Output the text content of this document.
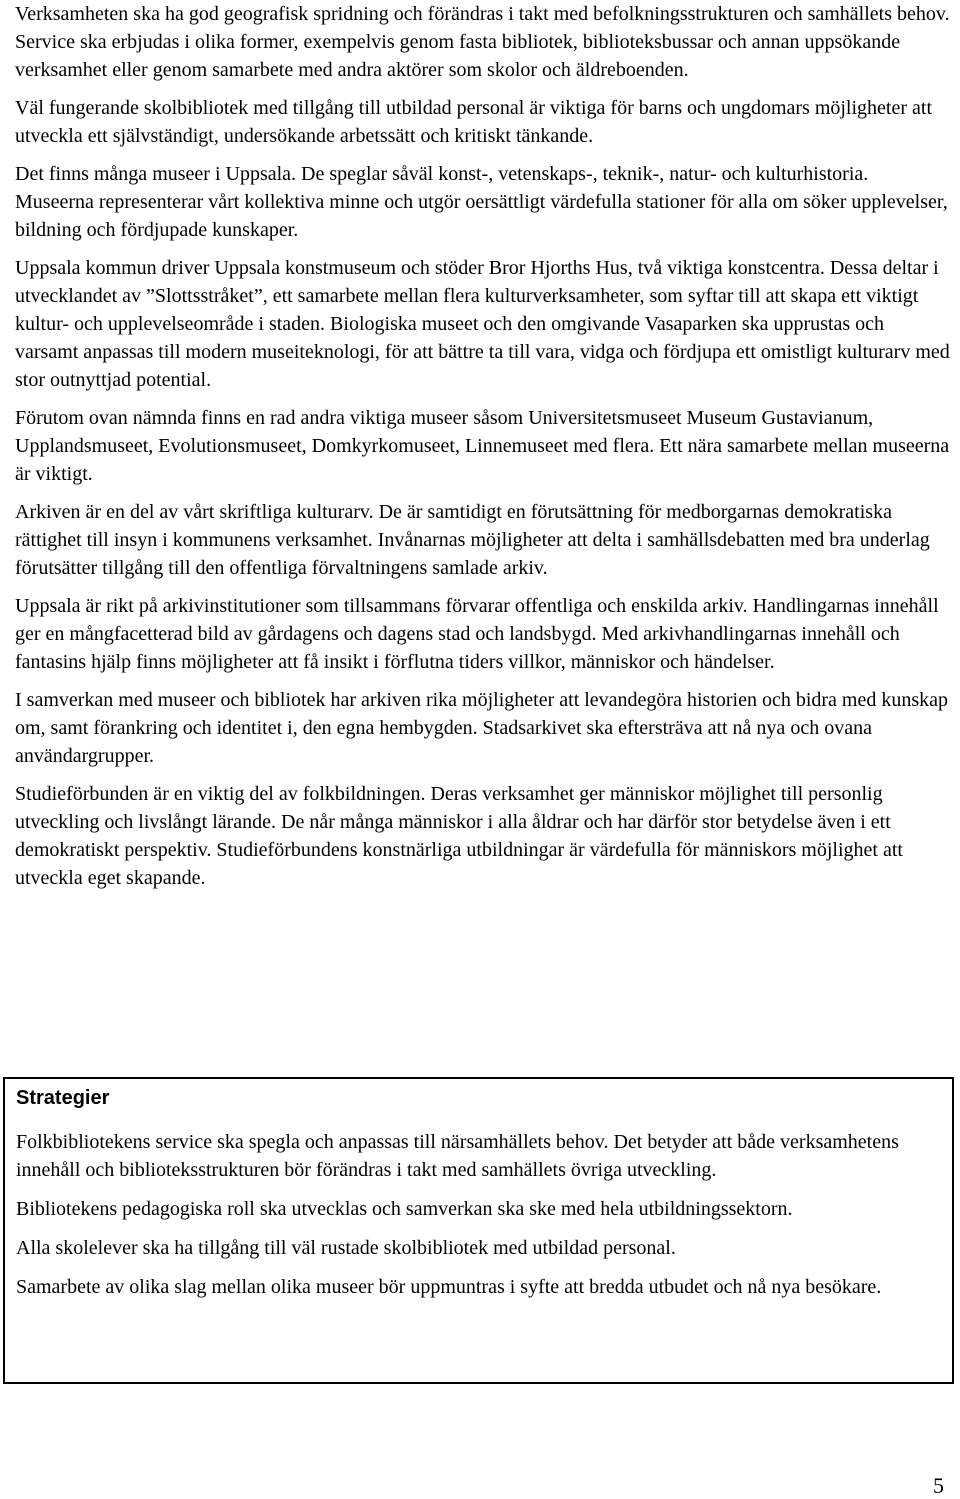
Verksamheten ska ha god geografisk spridning och förändras i takt med befolkningsstrukturen och samhällets behov. Service ska erbjudas i olika former, exempelvis genom fasta bibliotek, biblioteksbussar och annan uppsökande verksamhet eller genom samarbete med andra aktörer som skolor och äldreboenden.

Väl fungerande skolbibliotek med tillgång till utbildad personal är viktiga för barns och ungdomars möjligheter att utveckla ett självständigt, undersökande arbetssätt och kritiskt tänkande.

Det finns många museer i Uppsala. De speglar såväl konst-, vetenskaps-, teknik-, natur- och kulturhistoria. Museerna representerar vårt kollektiva minne och utgör oersättligt värdefulla stationer för alla om söker upplevelser, bildning och fördjupade kunskaper.

Uppsala kommun driver Uppsala konstmuseum och stöder Bror Hjorths Hus, två viktiga konstcentra. Dessa deltar i utvecklandet av ”Slottsstråket”, ett samarbete mellan flera kulturverksamheter, som syftar till att skapa ett viktigt kultur- och upplevelseområde i staden. Biologiska museet och den omgivande Vasaparken ska upprustas och varsamt anpassas till modern museiteknologi, för att bättre ta till vara, vidga och fördjupa ett omistligt kulturarv med stor outnyttjad potential.

Förutom ovan nämnda finns en rad andra viktiga museer såsom Universitetsmuseet Museum Gustavianum, Upplandsmuseet, Evolutionsmuseet, Domkyrkomuseet, Linnemuseet med flera. Ett nära samarbete mellan museerna är viktigt.

Arkiven är en del av vårt skriftliga kulturarv. De är samtidigt en förutsättning för medborgarnas demokratiska rättighet till insyn i kommunens verksamhet. Invånarnas möjligheter att delta i samhällsdebatten med bra underlag förutsätter tillgång till den offentliga förvaltningens samlade arkiv.

Uppsala är rikt på arkivinstitutioner som tillsammans förvarar offentliga och enskilda arkiv. Handlingarnas innehåll ger en mångfacetterad bild av gårdagens och dagens stad och landsbygd. Med arkivhandlingarnas innehåll och fantasins hjälp finns möjligheter att få insikt i förflutna tiders villkor, människor och händelser.

I samverkan med museer och bibliotek har arkiven rika möjligheter att levandegöra historien och bidra med kunskap om, samt förankring och identitet i, den egna hembygden. Stadsarkivet ska eftersträva att nå nya och ovana användargrupper.

Studieförbunden är en viktig del av folkbildningen. Deras verksamhet ger människor möjlighet till personlig utveckling och livslångt lärande. De når många människor i alla åldrar och har därför stor betydelse även i ett demokratiskt perspektiv. Studieförbundens konstnärliga utbildningar är värdefulla för människors möjlighet att utveckla eget skapande.

Strategier

Folkbibliotekens service ska spegla och anpassas till närsamhällets behov. Det betyder att både verksamhetens innehåll och biblioteksstrukturen bör förändras i takt med samhällets övriga utveckling.

Bibliotekens pedagogiska roll ska utvecklas och samverkan ska ske med hela utbildningssektorn.

Alla skolelever ska ha tillgång till väl rustade skolbibliotek med utbildad personal.

Samarbete av olika slag mellan olika museer bör uppmuntras i syfte att bredda utbudet och nå nya besökare.

5
